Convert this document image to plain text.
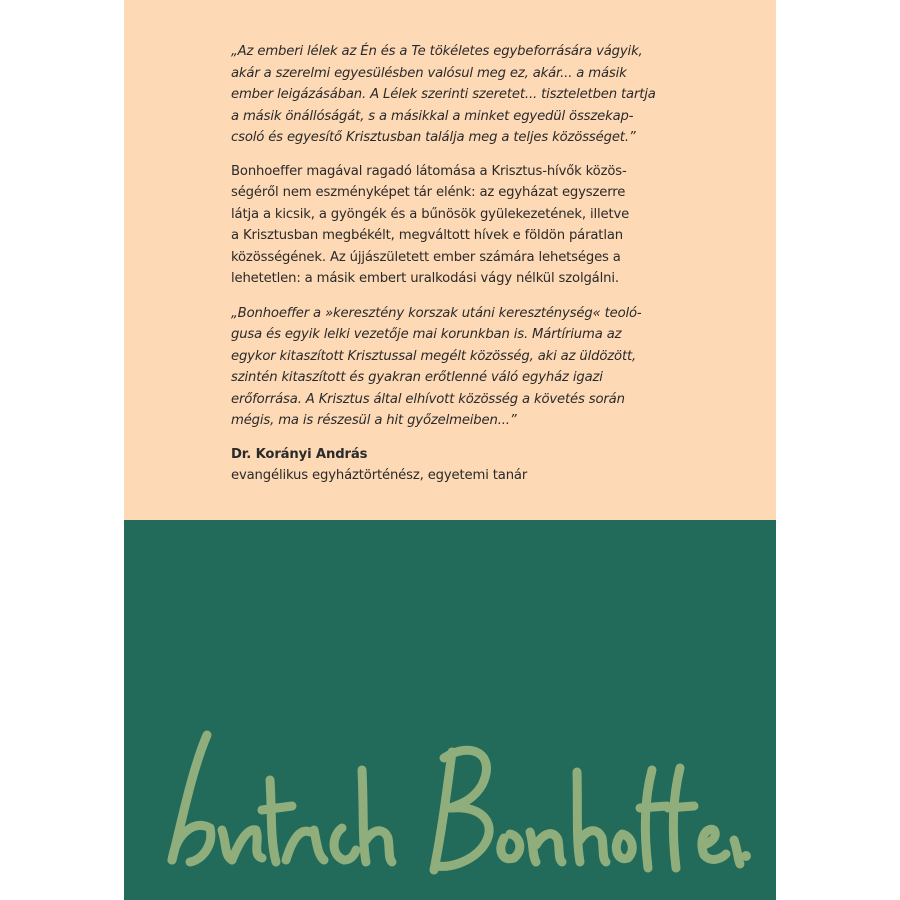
„Az emberi lélek az Én és a Te tökéletes egybeforrására vágyik,
akár a szerelmi egyesülésben valósul meg ez, akár... a másik
ember leigázásában. A Lélek szerinti szeretet... tiszteletben tartja
a másik önállóságát, s a másikkal a minket egyedül összekap-
csoló és egyesítő Krisztusban találja meg a teljes közösséget.”

Bonhoeffer magával ragadó látomása a Krisztus-hívők közös-
ségéről nem eszményképet tár elénk: az egyházat egyszerre
látja a kicsik, a gyöngék és a bűnösök gyülekezetének, illetve
a Krisztusban megbékélt, megváltott hívek e földön páratlan
közösségének. Az újjászületett ember számára lehetséges a
lehetetlen: a másik embert uralkodási vágy nélkül szolgálni.

„Bonhoeffer a »keresztény korszak utáni kereszténység« teoló-
gusa és egyik lelki vezetője mai korunkban is. Mártíriuma az
egykor kitaszított Krisztussal megélt közösség, aki az üldözött,
szintén kitaszított és gyakran erőtlenné váló egyház igazi
erőforrása. A Krisztus által elhívott közösség a követés során
mégis, ma is részesül a hit győzelmeiben...”

Dr. Korányi András

evangélikus egyháztörténész, egyetemi tanár
